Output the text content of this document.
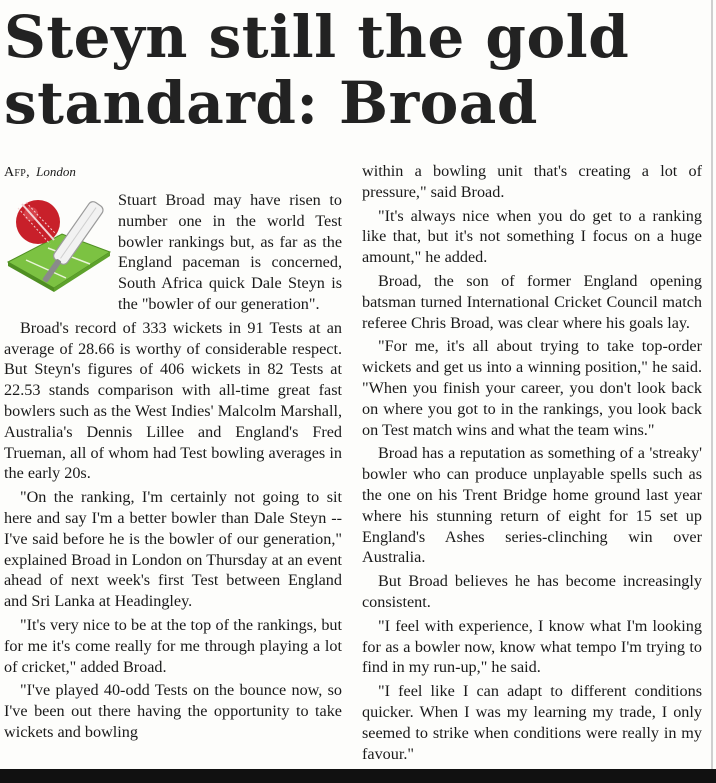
Steyn still the gold standard: Broad
Afp, London

Stuart Broad may have risen to number one in the world Test bowler rankings but, as far as the England paceman is concerned, South Africa quick Dale Steyn is the "bowler of our generation".

Broad's record of 333 wickets in 91 Tests at an average of 28.66 is worthy of considerable respect. But Steyn's figures of 406 wickets in 82 Tests at 22.53 stands comparison with all-time great fast bowlers such as the West Indies' Malcolm Marshall, Australia's Dennis Lillee and England's Fred Trueman, all of whom had Test bowling averages in the early 20s.

"On the ranking, I'm certainly not going to sit here and say I'm a better bowler than Dale Steyn -- I've said before he is the bowler of our generation," explained Broad in London on Thursday at an event ahead of next week's first Test between England and Sri Lanka at Headingley.

"It's very nice to be at the top of the rankings, but for me it's come really for me through playing a lot of cricket," added Broad.

"I've played 40-odd Tests on the bounce now, so I've been out there having the opportunity to take wickets and bowling

within a bowling unit that's creating a lot of pressure," said Broad.

"It's always nice when you do get to a ranking like that, but it's not something I focus on a huge amount," he added.

Broad, the son of former England opening batsman turned International Cricket Council match referee Chris Broad, was clear where his goals lay.

"For me, it's all about trying to take top-order wickets and get us into a winning position," he said. "When you finish your career, you don't look back on where you got to in the rankings, you look back on Test match wins and what the team wins."

Broad has a reputation as something of a 'streaky' bowler who can produce unplayable spells such as the one on his Trent Bridge home ground last year where his stunning return of eight for 15 set up England's Ashes series-clinching win over Australia.

But Broad believes he has become increasingly consistent.

"I feel with experience, I know what I'm looking for as a bowler now, know what tempo I'm trying to find in my run-up," he said.

"I feel like I can adapt to different conditions quicker. When I was my learning my trade, I only seemed to strike when conditions were really in my favour."
